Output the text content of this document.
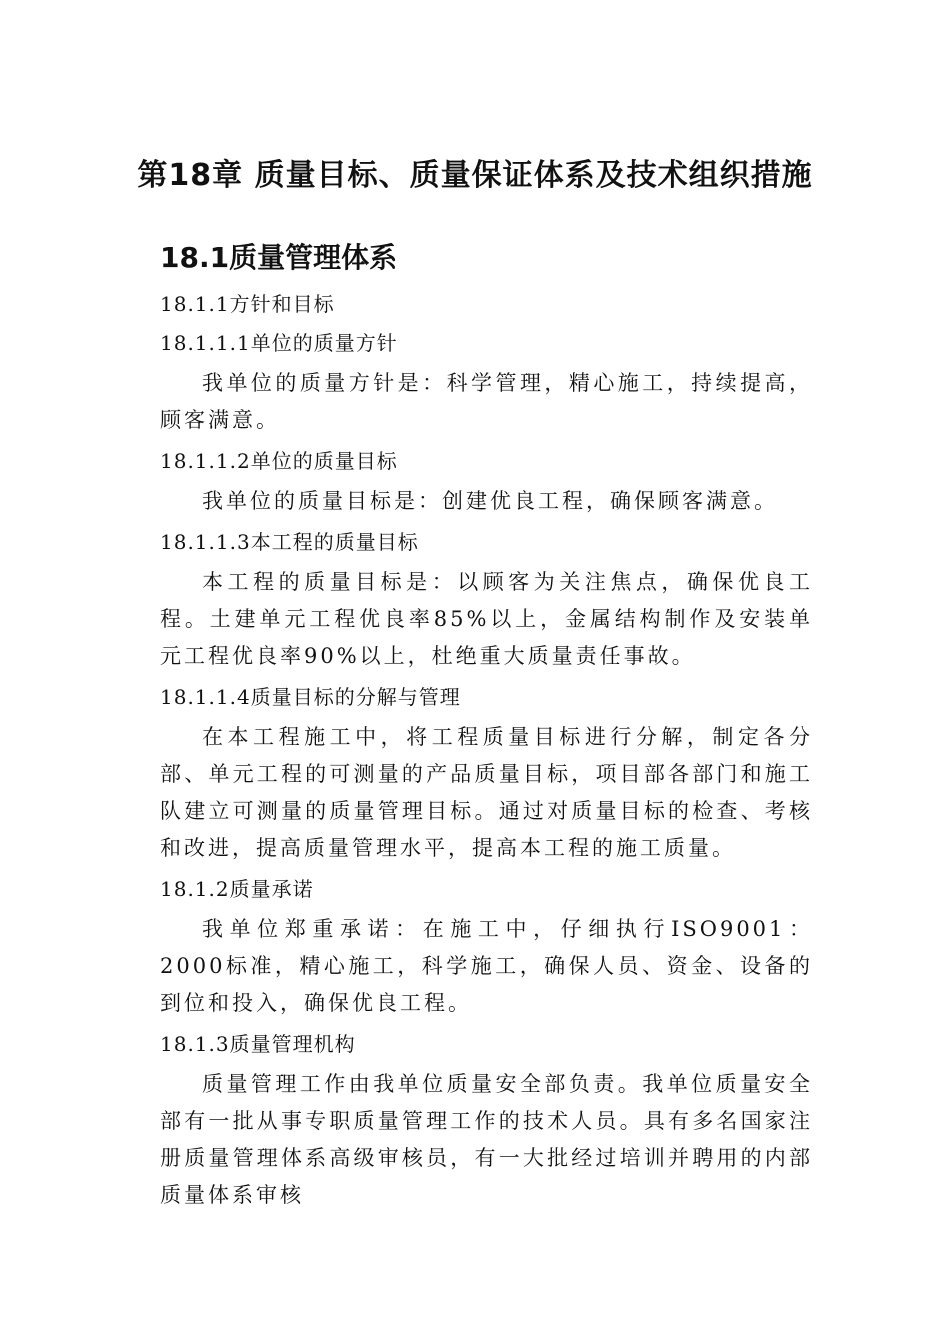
第18章 质量目标、质量保证体系及技术组织措施
18.1质量管理体系
18.1.1方针和目标
18.1.1.1单位的质量方针
我单位的质量方针是：科学管理，精心施工，持续提高，顾客满意。
18.1.1.2单位的质量目标
我单位的质量目标是：创建优良工程，确保顾客满意。
18.1.1.3本工程的质量目标
本工程的质量目标是：以顾客为关注焦点，确保优良工程。土建单元工程优良率85%以上，金属结构制作及安装单元工程优良率90%以上，杜绝重大质量责任事故。
18.1.1.4质量目标的分解与管理
在本工程施工中，将工程质量目标进行分解，制定各分部、单元工程的可测量的产品质量目标，项目部各部门和施工队建立可测量的质量管理目标。通过对质量目标的检查、考核和改进，提高质量管理水平，提高本工程的施工质量。
18.1.2质量承诺
我单位郑重承诺：在施工中，仔细执行ISO9001：2000标准，精心施工，科学施工，确保人员、资金、设备的到位和投入，确保优良工程。
18.1.3质量管理机构
质量管理工作由我单位质量安全部负责。我单位质量安全部有一批从事专职质量管理工作的技术人员。具有多名国家注册质量管理体系高级审核员，有一大批经过培训并聘用的内部质量体系审核
